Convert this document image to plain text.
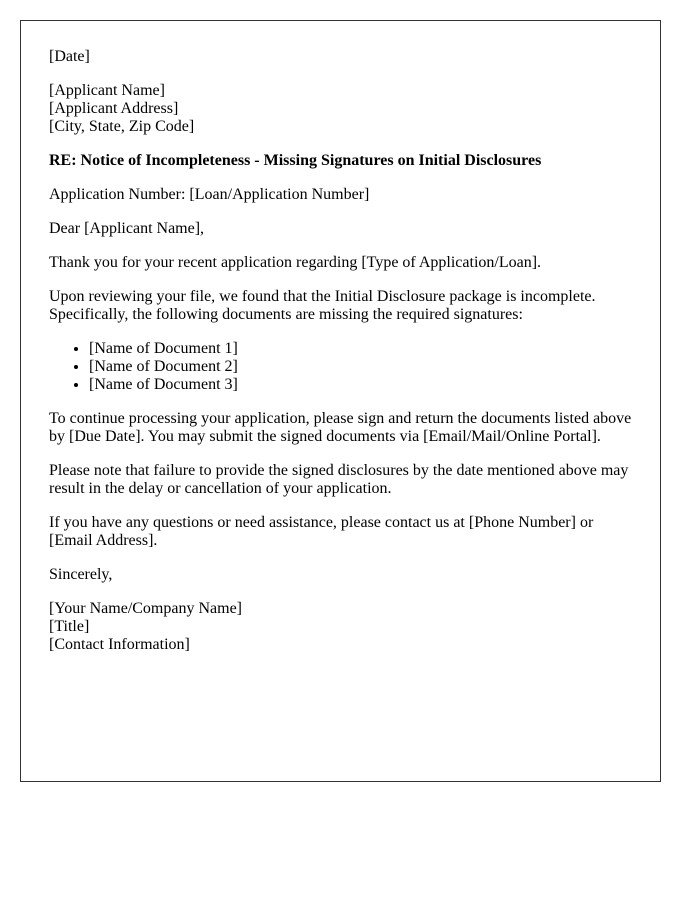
[Date]

[Applicant Name]
[Applicant Address]
[City, State, Zip Code]

RE: Notice of Incompleteness - Missing Signatures on Initial Disclosures

Application Number: [Loan/Application Number]

Dear [Applicant Name],

Thank you for your recent application regarding [Type of Application/Loan].

Upon reviewing your file, we found that the Initial Disclosure package is incomplete. Specifically, the following documents are missing the required signatures:

• [Name of Document 1]
• [Name of Document 2]
• [Name of Document 3]

To continue processing your application, please sign and return the documents listed above by [Due Date]. You may submit the signed documents via [Email/Mail/Online Portal].

Please note that failure to provide the signed disclosures by the date mentioned above may result in the delay or cancellation of your application.

If you have any questions or need assistance, please contact us at [Phone Number] or [Email Address].

Sincerely,

[Your Name/Company Name]
[Title]
[Contact Information]
